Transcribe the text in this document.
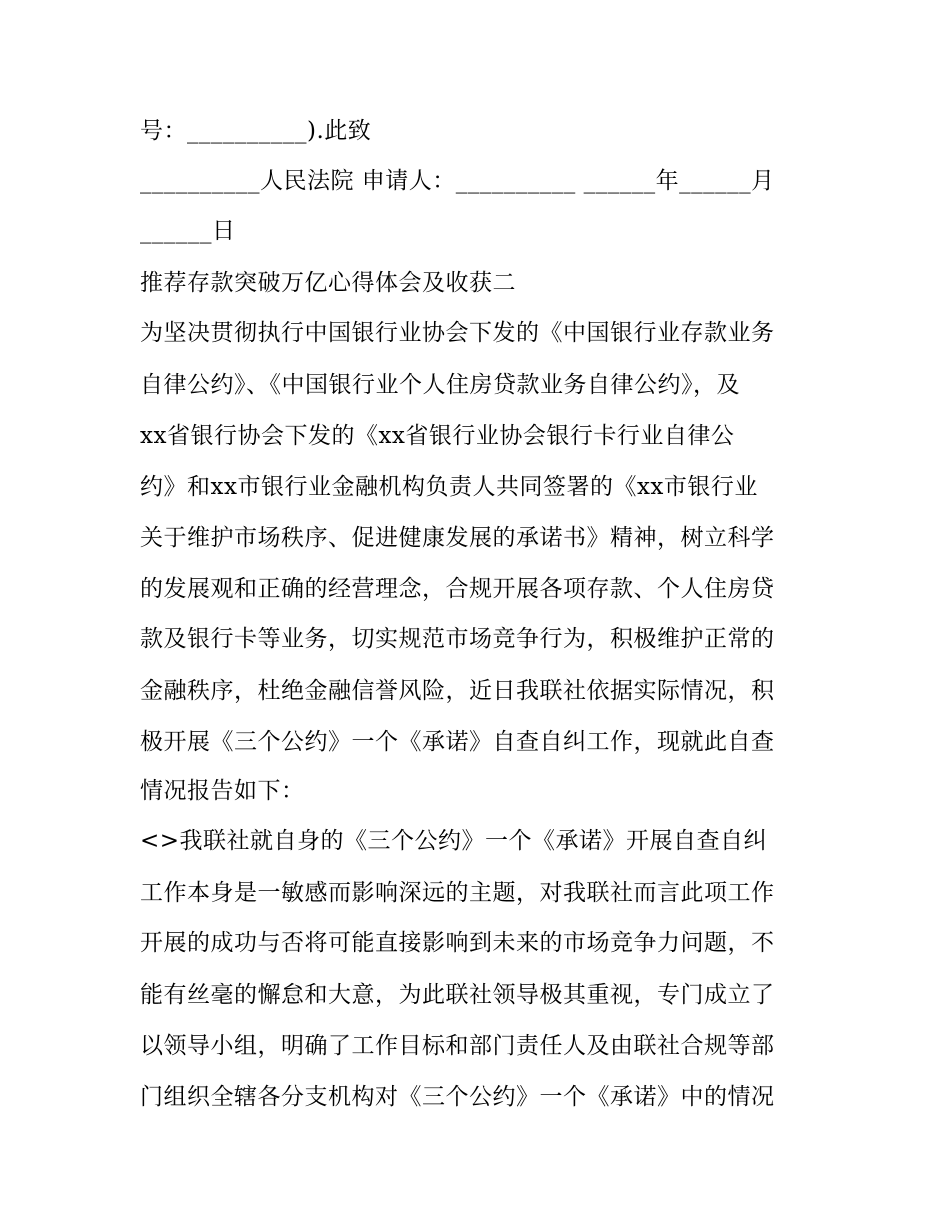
号：__________).此致
__________人民法院 申请人：__________ ______年______月
______日
推荐存款突破万亿心得体会及收获二
为坚决贯彻执行中国银行业协会下发的《中国银行业存款业务
自律公约》、《中国银行业个人住房贷款业务自律公约》，及
xx省银行协会下发的《xx省银行业协会银行卡行业自律公
约》和xx市银行业金融机构负责人共同签署的《xx市银行业
关于维护市场秩序、促进健康发展的承诺书》精神，树立科学
的发展观和正确的经营理念，合规开展各项存款、个人住房贷
款及银行卡等业务，切实规范市场竞争行为，积极维护正常的
金融秩序，杜绝金融信誉风险，近日我联社依据实际情况，积
极开展《三个公约》一个《承诺》自查自纠工作，现就此自查
情况报告如下：
<>我联社就自身的《三个公约》一个《承诺》开展自查自纠
工作本身是一敏感而影响深远的主题，对我联社而言此项工作
开展的成功与否将可能直接影响到未来的市场竞争力问题，不
能有丝毫的懈怠和大意，为此联社领导极其重视，专门成立了
以领导小组，明确了工作目标和部门责任人及由联社合规等部
门组织全辖各分支机构对《三个公约》一个《承诺》中的情况
